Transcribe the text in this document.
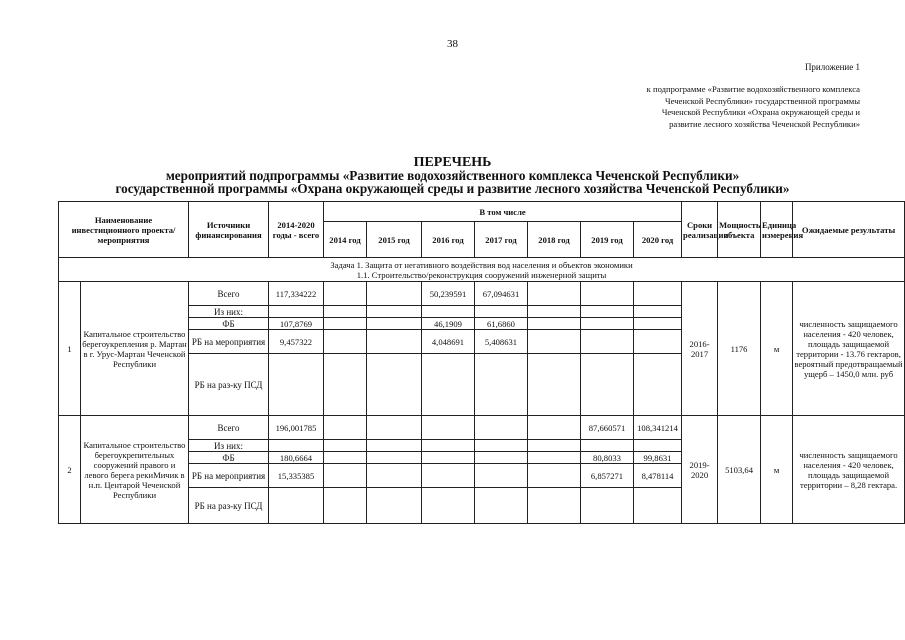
38
Приложение 1
к подпрограмме «Развитие водохозяйственного комплекса
Чеченской Республики» государственной программы
Чеченской Республики «Охрана окружающей среды и
развитие лесного хозяйства Чеченской Республики»
ПЕРЕЧЕНЬ
мероприятий подпрограммы «Развитие водохозяйственного комплекса Чеченской Республики»
государственной программы «Охрана окружающей среды и развитие лесного хозяйства Чеченской Республики»
Наименование инвестиционного проекта/мероприятия		Источники финансирования	2014-2020 годы - всего	В том числе							Сроки реализации	Мощность объекта	Единица измерения	Ожидаемые результаты
				2014 год	2015 год	2016 год	2017 год	2018 год	2019 год	2020 год				

Задача 1. Защита от негативного воздействия вод населения и объектов экономики
1.1. Строительство/реконструкция сооружений инженерной защиты														

1	Капитальное строительство берегоукрепления р. Мартан в г. Урус-Мартан Чеченской Республики	Всего	117,334222			50,239591	67,094631				2016-2017	1176	м	численность защищаемого населения - 420 человек, площадь защищаемой территории - 13.76 гектаров, вероятный предотвращаемый ущерб – 1450,0 млн. руб
		Из них:												
		ФБ	107,8769			46,1909	61,6860							
		РБ на мероприятия	9,457322			4,048691	5,408631							
		РБ на раз-ку ПСД												
2	Капитальное строительство берегоукрепительных сооружений правого и левого берега рекиМичик в н.п. Центарой Чеченской Республики	Всего	196,001785						87,660571	108,341214	2019-2020	5103,64	м	численность защищаемого населения - 420 человек, площадь защищаемой территории – 8,28 гектара.
		Из них:												
		ФБ	180,6664						80,8033	99,8631				
		РБ на мероприятия	15,335385						6,857271	8,478114				
		РБ на раз-ку ПСД												
